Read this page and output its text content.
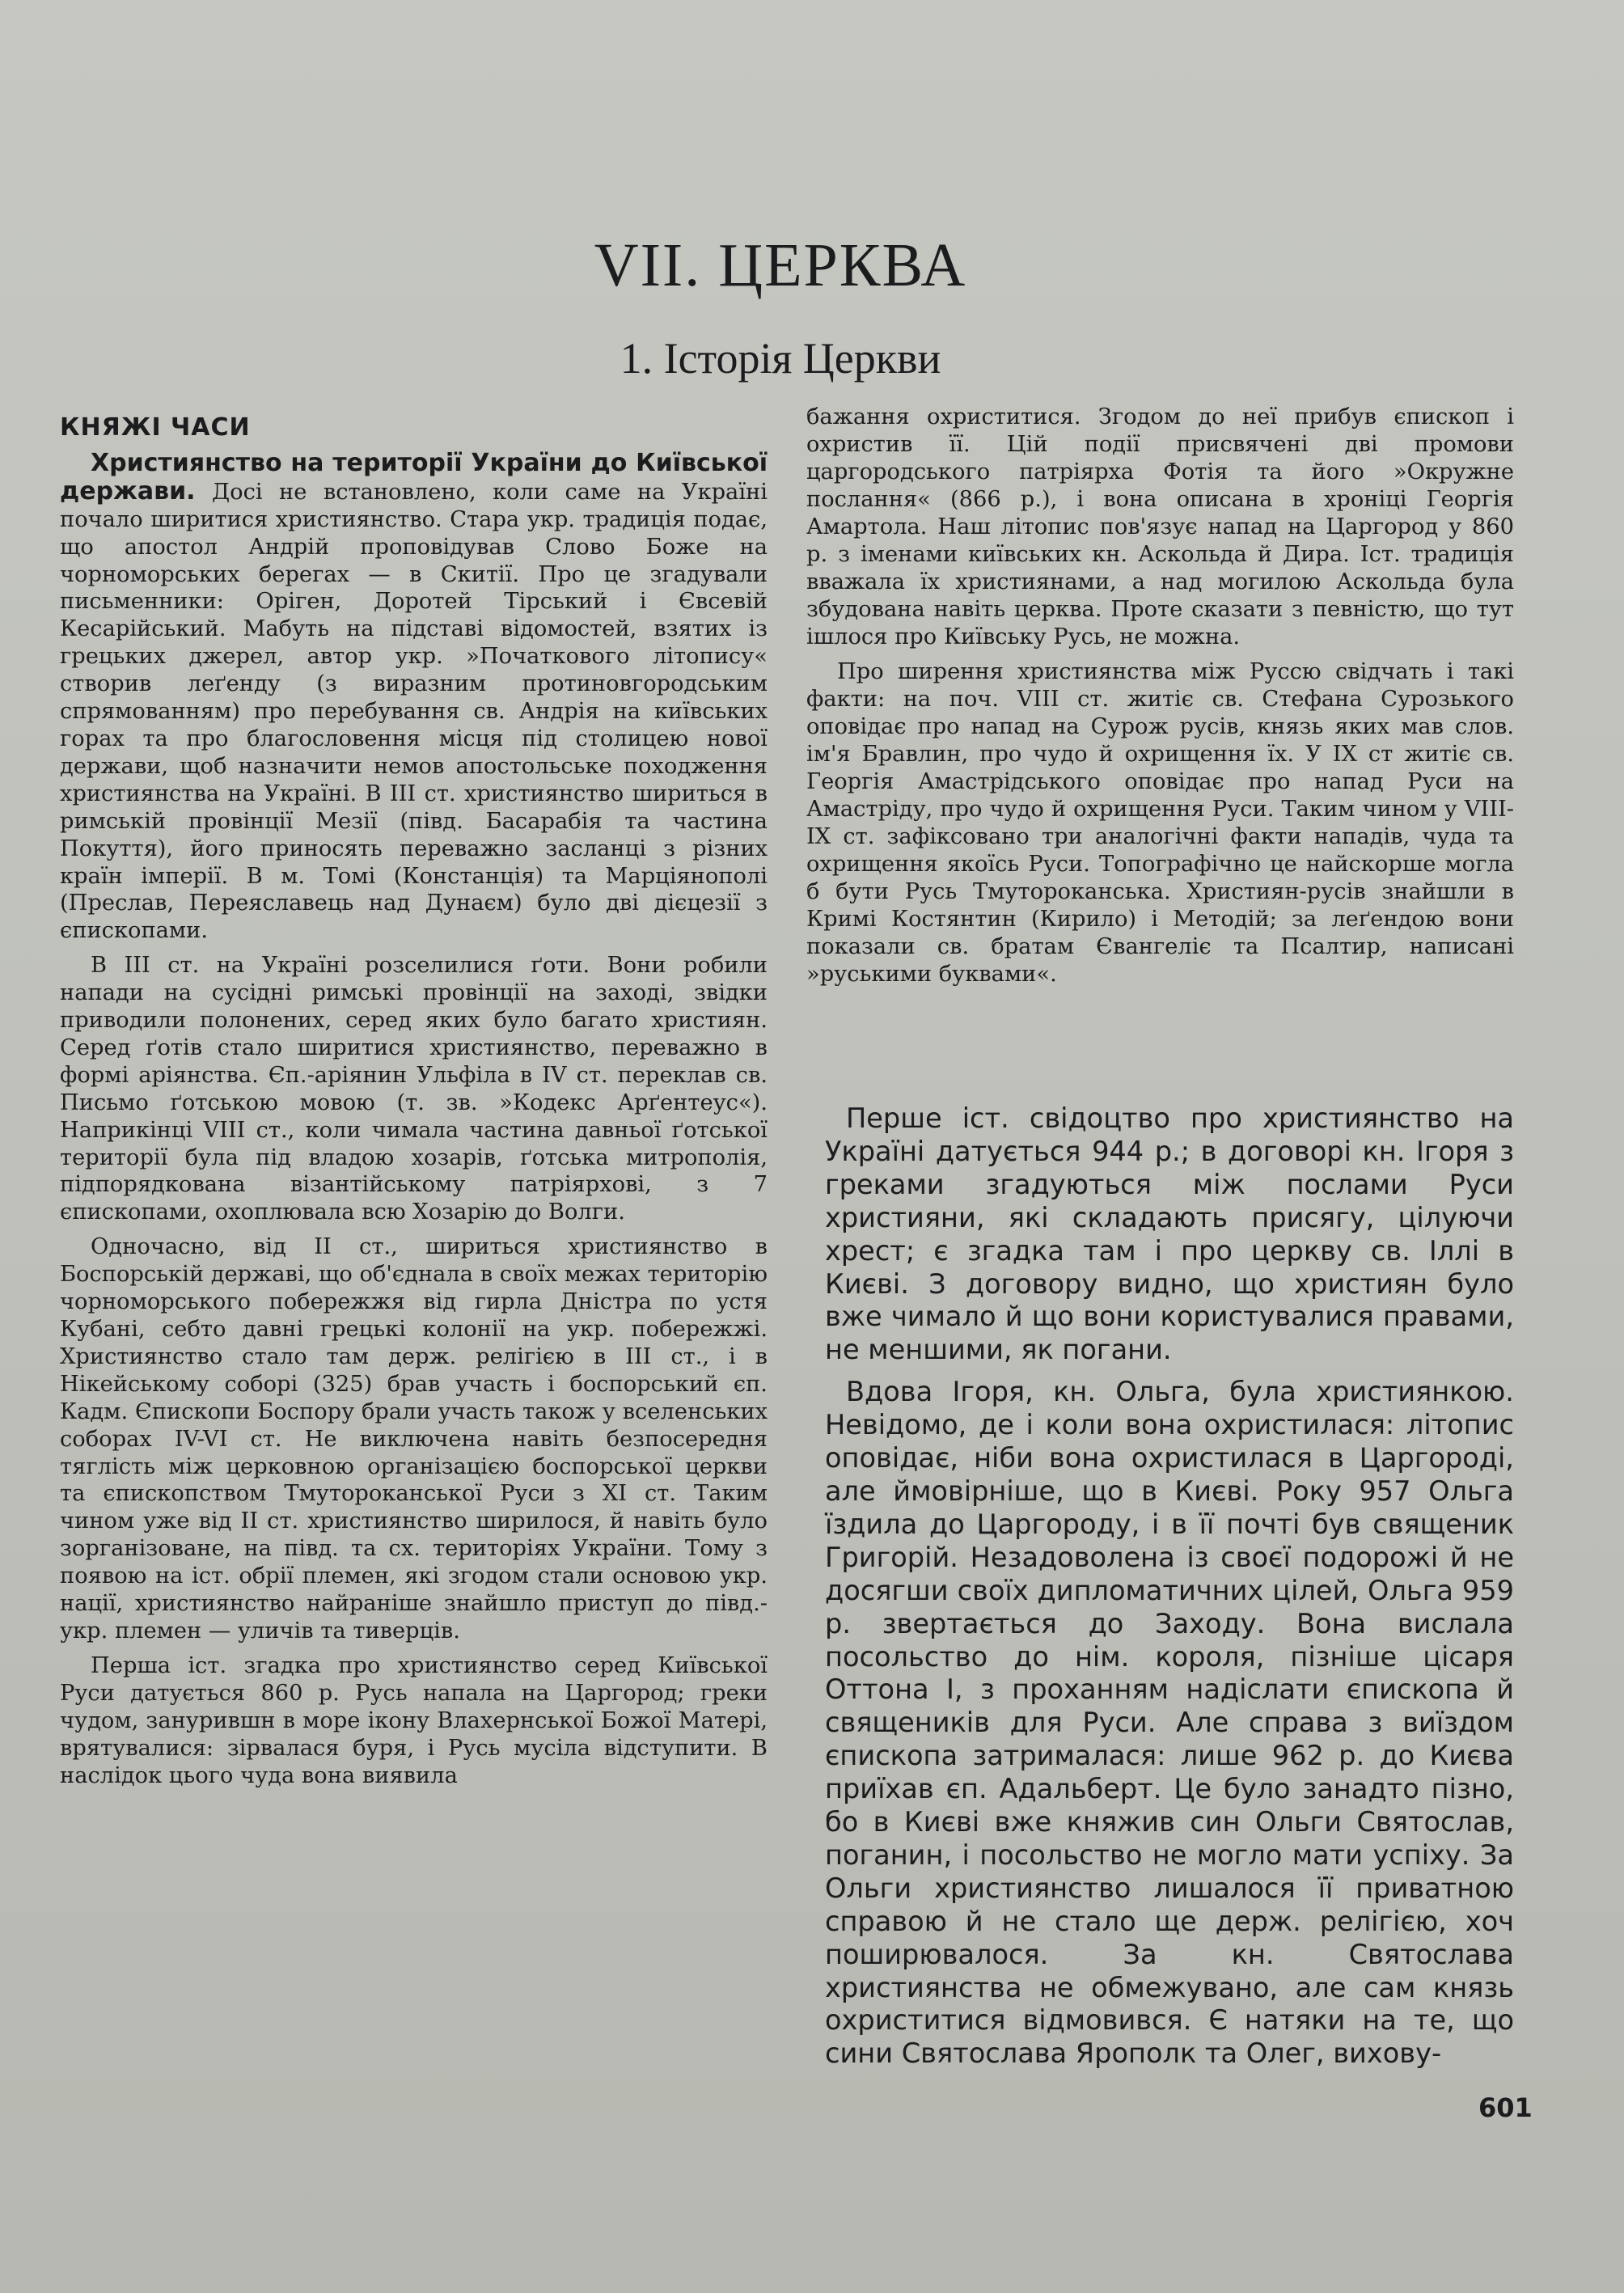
VII. ЦЕРКВА
1. Історія Церкви
КНЯЖІ ЧАСИ

Християнство на території України до Київської держави. Досі не встановлено, коли саме на Україні почало ширитися християнство. Стара укр. традиція подає, що апостол Андрій проповідував Слово Боже на чорноморських берегах — в Скитії. Про це згадували письменники: Оріген, Доротей Тірський і Євсевій Кесарійський. Мабуть на підставі відомостей, взятих із грецьких джерел, автор укр. »Початкового літопису« створив леґенду (з виразним протиновгородським спрямованням) про перебування св. Андрія на київських горах та про благословення місця під столицею нової держави, щоб назначити немов апостольське походження християнства на Україні. В III ст. християнство шириться в римській провінції Мезії (півд. Басарабія та частина Покуття), його приносять переважно засланці з різних країн імперії. В м. Томі (Констанція) та Марціянополі (Преслав, Переяславець над Дунаєм) було дві дієцезії з єпископами.

В III ст. на Україні розселилися ґоти. Вони робили напади на сусідні римські провінції на заході, звідки приводили полонених, серед яких було багато християн. Серед ґотів стало ширитися християнство, переважно в формі аріянства. Єп.-аріянин Ульфіла в IV ст. переклав св. Письмо ґотською мовою (т. зв. »Кодекс Арґентеус«). Наприкінці VIII ст., коли чимала частина давньої ґотської території була під владою хозарів, ґотська митрополія, підпорядкована візантійському патріярхові, з 7 єпископами, охоплювала всю Хозарію до Волги.

Одночасно, від II ст., шириться християнство в Боспорській державі, що об'єднала в своїх межах територію чорноморського побережжя від гирла Дністра по устя Кубані, себто давні грецькі колонії на укр. побережжі. Християнство стало там держ. релігією в III ст., і в Нікейському соборі (325) брав участь і боспорський єп. Кадм. Єпископи Боспору брали участь також у вселенських соборах IV-VI ст. Не виключена навіть безпосередня тяглість між церковною організацією боспорської церкви та єпископством Тмутороканської Руси з XI ст. Таким чином уже від II ст. християнство ширилося, й навіть було зорганізоване, на півд. та сх. територіях України. Тому з появою на іст. обрії племен, які згодом стали основою укр. нації, християнство найраніше знайшло приступ до півд.-укр. племен — уличів та тиверців.

Перша іст. згадка про християнство серед Київської Руси датується 860 р. Русь напала на Царгород; греки чудом, занурившн в море ікону Влахернської Божої Матері, врятувалися: зірвалася буря, і Русь мусіла відступити. В наслідок цього чуда вона виявила

бажання охриститися. Згодом до неї прибув єпископ і охристив її. Цій події присвячені дві промови царгородського патріярха Фотія та його »Окружне послання« (866 р.), і вона описана в хроніці Георгія Амартола. Наш літопис пов'язує напад на Царгород у 860 р. з іменами київських кн. Аскольда й Дира. Іст. традиція вважала їх християнами, а над могилою Аскольда була збудована навіть церква. Проте сказати з певністю, що тут ішлося про Київську Русь, не можна.

Про ширення християнства між Руссю свідчать і такі факти: на поч. VIII ст. житіє св. Стефана Сурозького оповідає про напад на Сурож русів, князь яких мав слов. ім'я Бравлин, про чудо й охрищення їх. У IX ст житіє св. Георгія Амастрідського оповідає про напад Руси на Амастріду, про чудо й охрищення Руси. Таким чином у VIII-IX ст. зафіксовано три аналогічні факти нападів, чуда та охрищення якоїсь Руси. Топографічно це найскорше могла б бути Русь Тмутороканська. Християн-русів знайшли в Кримі Костянтин (Кирило) і Методій; за леґендою вони показали св. братам Євангеліє та Псалтир, написані »руськими буквами«.

Перше іст. свідоцтво про християнство на Україні датується 944 р.; в договорі кн. Ігоря з греками згадуються між послами Руси християни, які складають присягу, цілуючи хрест; є згадка там і про церкву св. Іллі в Києві. З договору видно, що християн було вже чимало й що вони користувалися правами, не меншими, як погани.

Вдова Ігоря, кн. Ольга, була християнкою. Невідомо, де і коли вона охристилася: літопис оповідає, ніби вона охристилася в Царгороді, але ймовірніше, що в Києві. Року 957 Ольга їздила до Царгороду, і в її почті був священик Григорій. Незадоволена із своєї подорожі й не досягши своїх дипломатичних цілей, Ольга 959 р. звертається до Заходу. Вона вислала посольство до нім. короля, пізніше цісаря Оттона I, з проханням надіслати єпископа й священиків для Руси. Але справа з виїздом єпископа затрималася: лише 962 р. до Києва приїхав єп. Адальберт. Це було занадто пізно, бо в Києві вже княжив син Ольги Святослав, поганин, і посольство не могло мати успіху. За Ольги християнство лишалося її приватною справою й не стало ще держ. релігією, хоч поширювалося. За кн. Святослава християнства не обмежувано, але сам князь охриститися відмовився. Є натяки на те, що сини Святослава Ярополк та Олег, вихову-

601
